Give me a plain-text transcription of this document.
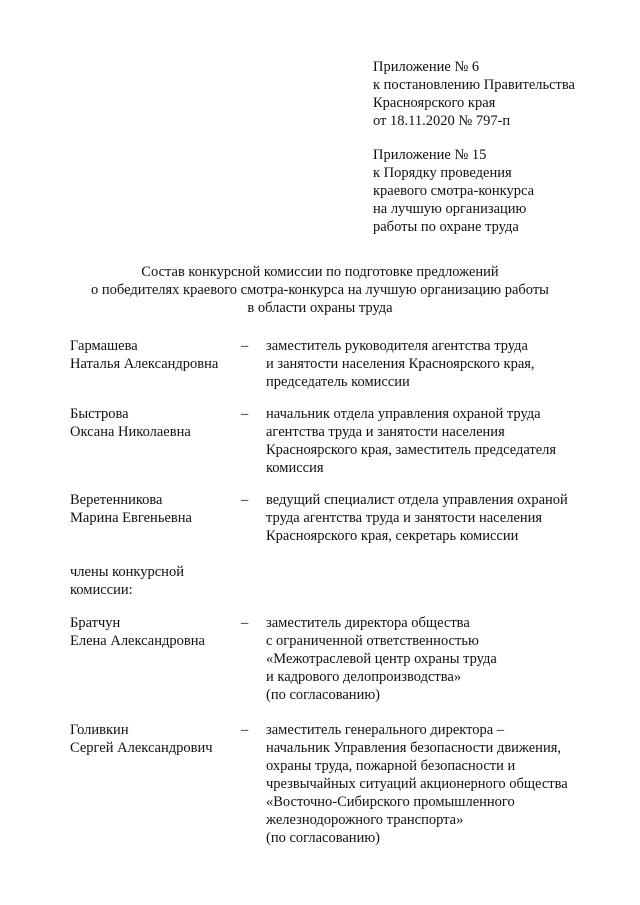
Приложение № 6
к постановлению Правительства
Красноярского края
от 18.11.2020 № 797-п
Приложение № 15
к Порядку проведения
краевого смотра-конкурса
на лучшую организацию
работы по охране труда
Состав конкурсной комиссии по подготовке предложений
о победителях краевого смотра-конкурса на лучшую организацию работы
в области охраны труда
Гармашева
Наталья Александровна
– заместитель руководителя агентства труда
и занятости населения Красноярского края,
председатель комиссии
Быстрова
Оксана Николаевна
– начальник отдела управления охраной труда
агентства труда и занятости населения
Красноярского края, заместитель председателя
комиссия
Веретенникова
Марина Евгеньевна
– ведущий специалист отдела управления охраной
труда агентства труда и занятости населения
Красноярского края, секретарь комиссии
члены конкурсной
комиссии:
Братчун
Елена Александровна
– заместитель директора общества
с ограниченной ответственностью
«Межотраслевой центр охраны труда
и кадрового делопроизводства»
(по согласованию)
Голивкин
Сергей Александрович
– заместитель генерального директора –
начальник Управления безопасности движения,
охраны труда, пожарной безопасности и
чрезвычайных ситуаций акционерного общества
«Восточно-Сибирского промышленного
железнодорожного транспорта»
(по согласованию)
